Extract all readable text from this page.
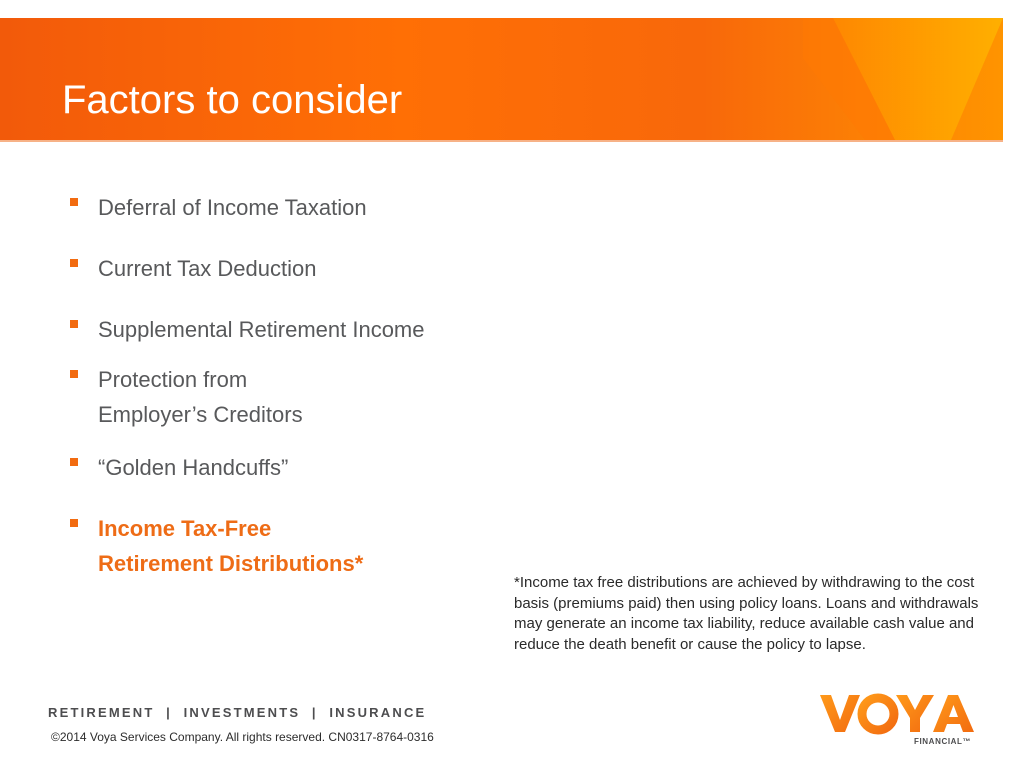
Factors to consider
Deferral of Income Taxation
Current Tax Deduction
Supplemental Retirement Income
Protection from
Employer’s Creditors
“Golden Handcuffs”
Income Tax-Free
Retirement Distributions*
*Income tax free distributions are achieved by withdrawing to the cost basis (premiums paid) then using policy loans. Loans and withdrawals may generate an income tax liability, reduce available cash value and reduce the death benefit or cause the policy to lapse.
RETIREMENT  |  INVESTMENTS  |  INSURANCE
©2014 Voya Services Company. All rights reserved. CN0317-8764-0316	FINANCIAL™
